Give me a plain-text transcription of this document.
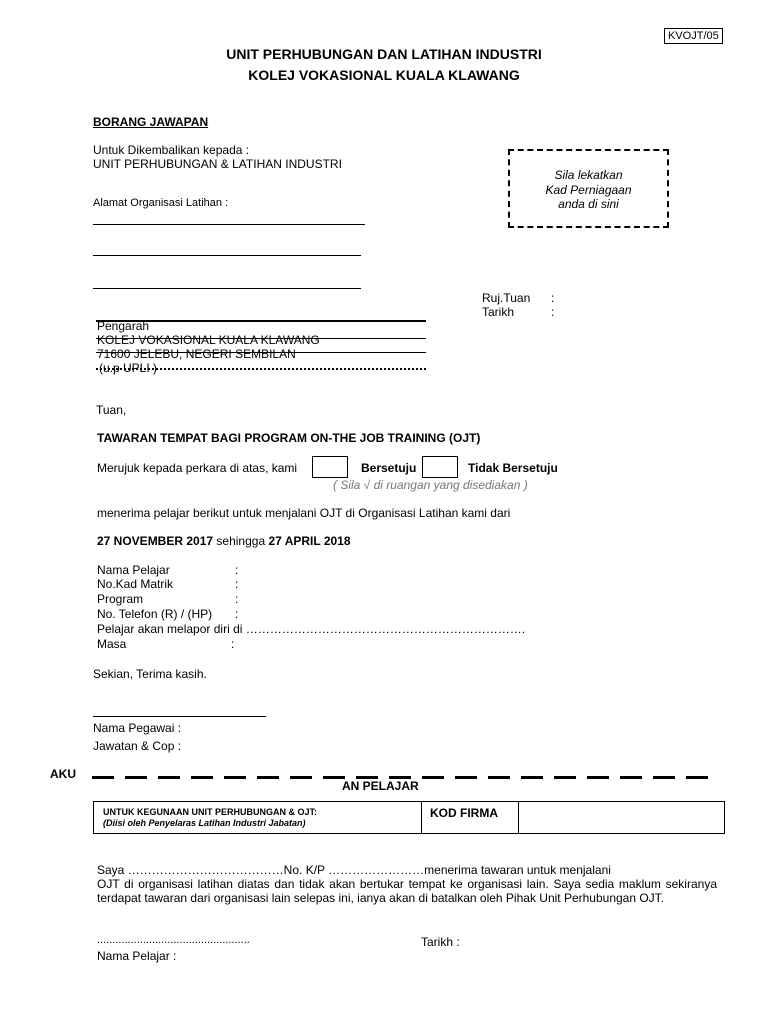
KVOJT/05
UNIT PERHUBUNGAN DAN LATIHAN INDUSTRI
KOLEJ VOKASIONAL KUALA KLAWANG
BORANG JAWAPAN
Untuk Dikembalikan kepada :
UNIT PERHUBUNGAN & LATIHAN INDUSTRI
Alamat Organisasi Latihan :
Sila lekatkan
Kad Perniagaan
anda di sini
Ruj.Tuan :
Tarikh	:
Pengarah
KOLEJ VOKASIONAL KUALA KLAWANG
71600 JELEBU, NEGERI SEMBILAN
(u.p UPLI )
Tuan,
TAWARAN TEMPAT BAGI PROGRAM ON-THE JOB TRAINING (OJT)
Merujuk kepada perkara di atas, kami	Bersetuju	Tidak Bersetuju
( Sila √ di ruangan yang disediakan )
menerima pelajar berikut untuk menjalani OJT di Organisasi Latihan kami dari
27 NOVEMBER 2017 sehingga 27 APRIL 2018
Nama Pelajar	:
No.Kad Matrik	:
Program	:
No. Telefon (R) / (HP) :
Pelajar akan melapor diri di …………………………………………………………….
Masa	:
Sekian, Terima kasih.
Nama Pegawai :
Jawatan & Cop :
AKU
AN PELAJAR
UNTUK KEGUNAAN UNIT PERHUBUNGAN & OJT:
(Diisi oleh Penyelaras Latihan Industri Jabatan)
KOD FIRMA
Saya …………………………………No. K/P ……………………menerima tawaran untuk menjalani
OJT di organisasi latihan diatas dan tidak akan bertukar tempat ke organisasi lain. Saya sedia maklum sekiranya terdapat tawaran dari organisasi lain selepas ini, ianya akan di batalkan oleh Pihak Unit Perhubungan OJT.
..................................................	Tarikh :
Nama Pelajar :
